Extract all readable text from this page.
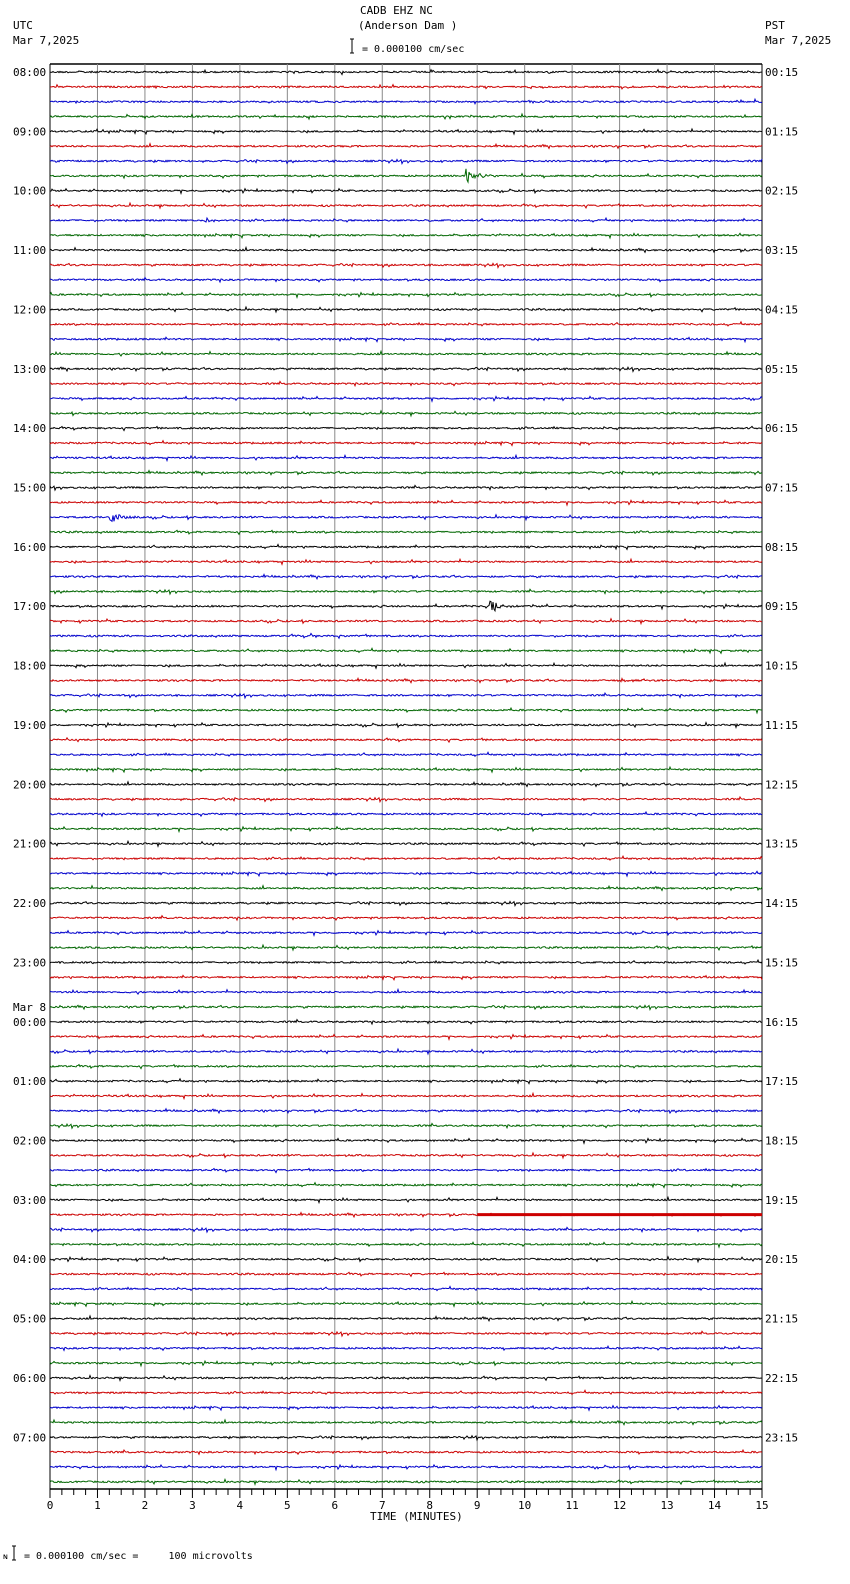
CADB EHZ NC
(Anderson Dam )
= 0.000100 cm/sec
UTC
Mar 7,2025
PST
Mar 7,2025
08:00
09:00
10:00
11:00
12:00
13:00
14:00
15:00
16:00
17:00
18:00
19:00
20:00
21:00
22:00
23:00
00:00
01:00
02:00
03:00
04:00
05:00
06:00
07:00
00:15
01:15
02:15
03:15
04:15
05:15
06:15
07:15
08:15
09:15
10:15
11:15
12:15
13:15
14:15
15:15
16:15
17:15
18:15
19:15
20:15
21:15
22:15
23:15
Mar 8
0	1	2	3	4	5	6	7	8	9	10	11	12	13	14	15
TIME (MINUTES)
ɴ = 0.000100 cm/sec =     100 microvolts
